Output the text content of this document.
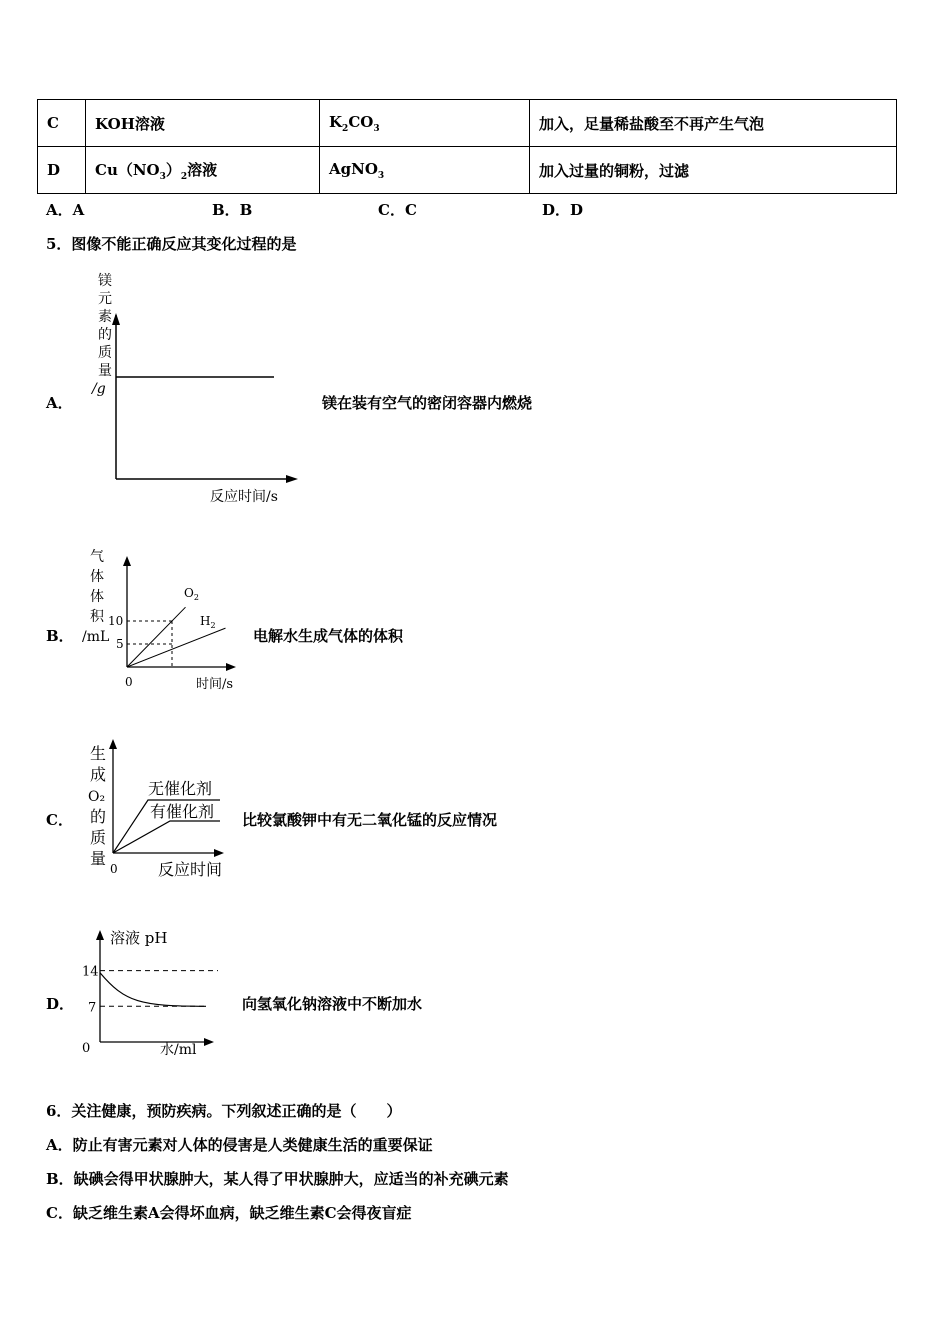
C	KOH溶液	$K_2CO_3$	加入，足量稀盐酸至不再产生气泡
D	$Cu(NO_3)_2$溶液	AgNO$_3$	加入过量的铜粉，过滤
A．A	B．B	C．C	D．D
5．图像不能正确反应其变化过程的是
A．
镁
元
素
的
质
量
/g
反应时间/s
镁在装有空气的密闭容器内燃烧
B．
气
体
体
积
/mL
0
10
5
$O_2$
$H_2$
时间/s
电解水生成气体的体积
C．
生
成
O₂
的
质
量
无催化剂
有催化剂
0	反应时间
比较氯酸钾中有无二氧化锰的反应情况
D．
溶液 pH
14
7
0	水/ml
向氢氧化钠溶液中不断加水
6．关注健康，预防疾病。下列叙述正确的是（　　）
A．防止有害元素对人体的侵害是人类健康生活的重要保证
B．缺碘会得甲状腺肿大，某人得了甲状腺肿大，应适当的补充碘元素
C．缺乏维生素A会得坏血病，缺乏维生素C会得夜盲症
